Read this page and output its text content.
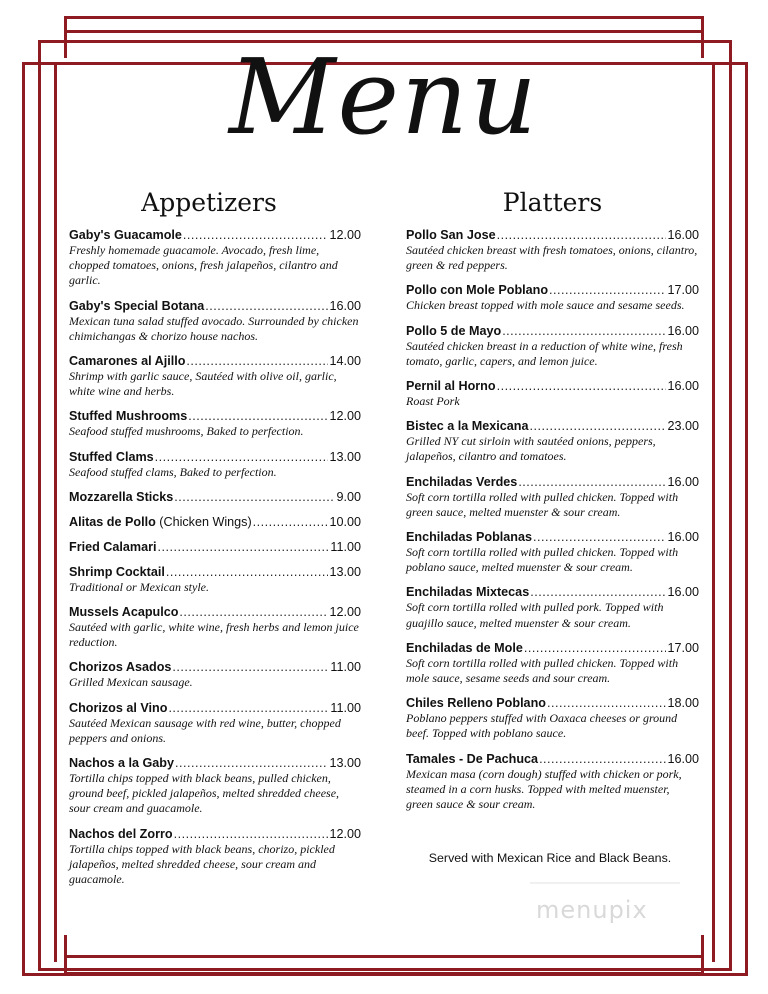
Menu
Appetizers
Gaby's Guacamole .....	12.00
Freshly homemade guacamole. Avocado, fresh lime, chopped tomatoes, onions, fresh jalapeños, cilantro and garlic.
Gaby's Special Botana .....	16.00
Mexican tuna salad stuffed avocado. Surrounded by chicken chimichangas & chorizo house nachos.
Camarones al Ajillo .....	14.00
Shrimp with garlic sauce, Sautéed with olive oil, garlic, white wine and herbs.
Stuffed Mushrooms .....	12.00
Seafood stuffed mushrooms, Baked to perfection.
Stuffed Clams .....	13.00
Seafood stuffed clams, Baked to perfection.
Mozzarella Sticks .....	9.00
Alitas de Pollo (Chicken Wings) .....	10.00
Fried Calamari .....	11.00
Shrimp Cocktail .....	13.00
Traditional or Mexican style.
Mussels Acapulco .....	12.00
Sautéed with garlic, white wine, fresh herbs and lemon juice reduction.
Chorizos Asados .....	11.00
Grilled Mexican sausage.
Chorizos al Vino .....	11.00
Sautéed Mexican sausage with red wine, butter, chopped peppers and onions.
Nachos a la Gaby .....	13.00
Tortilla chips topped with black beans, pulled chicken, ground beef, pickled jalapeños, melted shredded cheese, sour cream and guacamole.
Nachos del Zorro .....	12.00
Tortilla chips topped with black beans, chorizo, pickled jalapeños, melted shredded cheese, sour cream and guacamole.
Platters
Pollo San Jose .....	16.00
Sautéed chicken breast with fresh tomatoes, onions, cilantro, green & red peppers.
Pollo con Mole Poblano .....	17.00
Chicken breast topped with mole sauce and sesame seeds.
Pollo 5 de Mayo .....	16.00
Sautéed chicken breast in a reduction of white wine, fresh tomato, garlic, capers, and lemon juice.
Pernil al Horno .....	16.00
Roast Pork
Bistec a la Mexicana .....	23.00
Grilled NY cut sirloin with sautéed onions, peppers, jalapeños, cilantro and tomatoes.
Enchiladas Verdes .....	16.00
Soft corn tortilla rolled with pulled chicken. Topped with green sauce, melted muenster & sour cream.
Enchiladas Poblanas .....	16.00
Soft corn tortilla rolled with pulled chicken. Topped with poblano sauce, melted muenster & sour cream.
Enchiladas Mixtecas .....	16.00
Soft corn tortilla rolled with pulled pork. Topped with guajillo sauce, melted muenster & sour cream.
Enchiladas de Mole .....	17.00
Soft corn tortilla rolled with pulled chicken. Topped with mole sauce, sesame seeds and sour cream.
Chiles Relleno Poblano .....	18.00
Poblano peppers stuffed with Oaxaca cheeses or ground beef. Topped with poblano sauce.
Tamales - De Pachuca .....	16.00
Mexican masa (corn dough) stuffed with chicken or pork, steamed in a corn husks. Topped with melted muenster, green sauce & sour cream.
Served with Mexican Rice and Black Beans.
menupix
